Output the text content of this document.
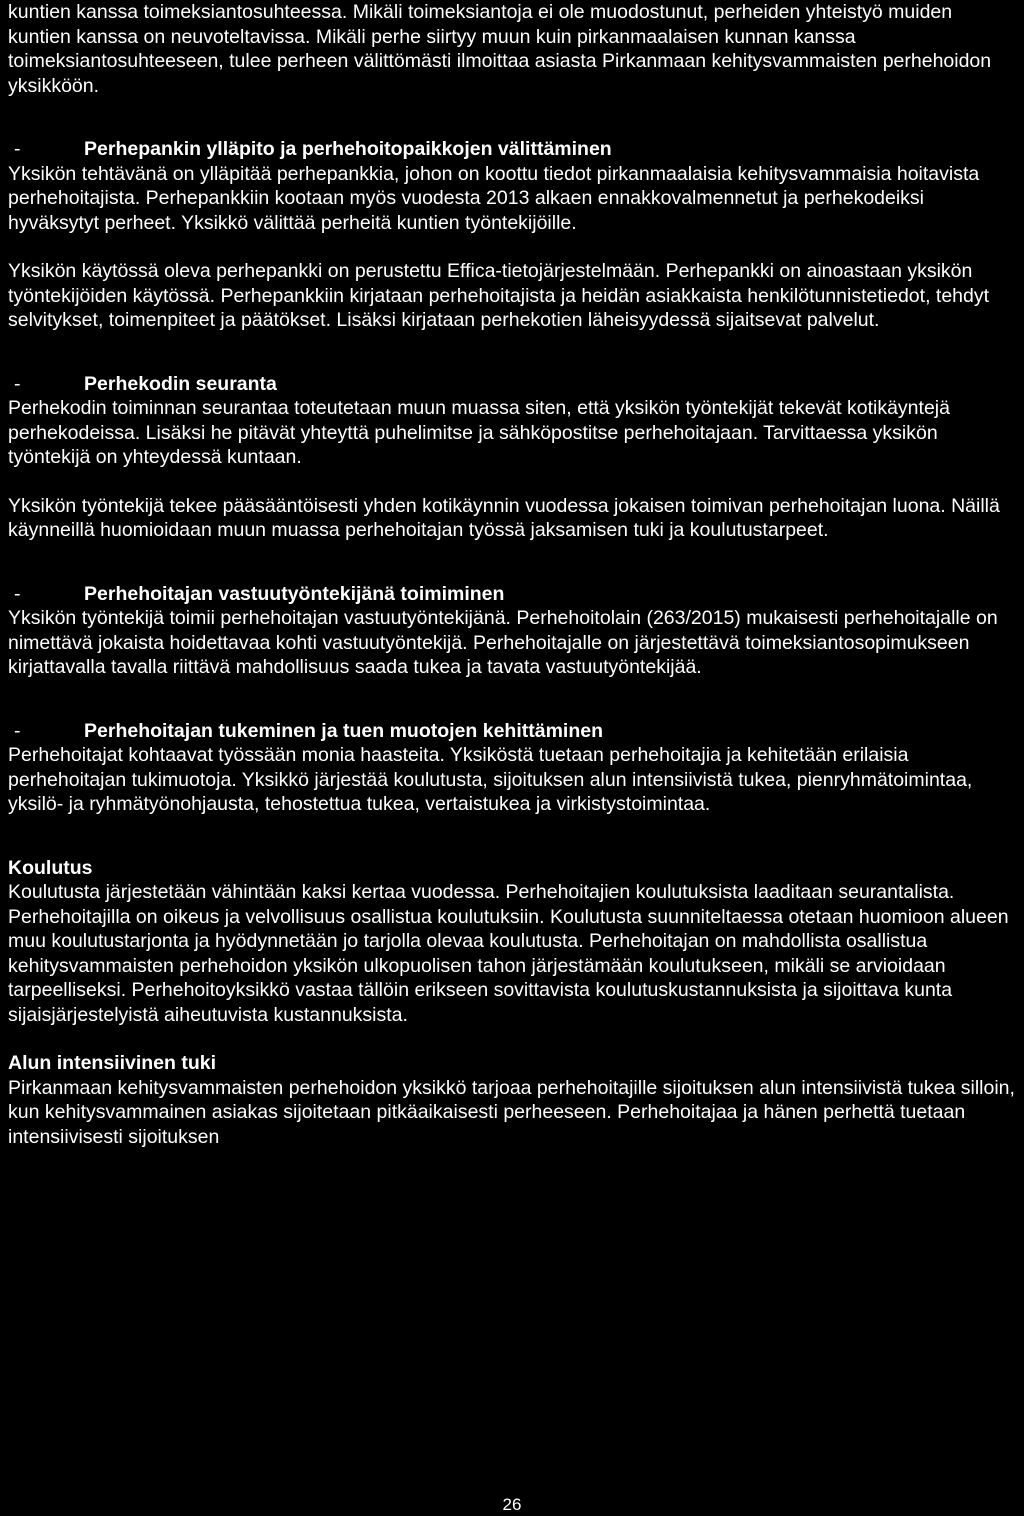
kuntien kanssa toimeksiantosuhteessa. Mikäli toimeksiantoja ei ole muodostunut, perheiden yhteistyö muiden kuntien kanssa on neuvoteltavissa. Mikäli perhe siirtyy muun kuin pirkanmaalaisen kunnan kanssa toimeksiantosuhteeseen, tulee perheen välittömästi ilmoittaa asiasta Pirkanmaan kehitysvammaisten perhehoidon yksikköön.

-	Perhepankin ylläpito ja perhehoitopaikkojen välittäminen

Yksikön tehtävänä on ylläpitää perhepankkia, johon on koottu tiedot pirkanmaalaisia kehitysvammaisia hoitavista perhehoitajista. Perhepankkiin kootaan myös vuodesta 2013 alkaen ennakkovalmennetut ja perhekodeiksi hyväksytyt perheet. Yksikkö välittää perheitä kuntien työntekijöille.

Yksikön käytössä oleva perhepankki on perustettu Effica-tietojärjestelmään. Perhepankki on ainoastaan yksikön työntekijöiden käytössä. Perhepankkiin kirjataan perhehoitajista ja heidän asiakkaista henkilötunnistetiedot, tehdyt selvitykset, toimenpiteet ja päätökset. Lisäksi kirjataan perhekotien läheisyydessä sijaitsevat palvelut.

-	Perhekodin seuranta

Perhekodin toiminnan seurantaa toteutetaan muun muassa siten, että yksikön työntekijät tekevät kotikäyntejä perhekodeissa. Lisäksi he pitävät yhteyttä puhelimitse ja sähköpostitse perhehoitajaan. Tarvittaessa yksikön työntekijä on yhteydessä kuntaan.

Yksikön työntekijä tekee pääsääntöisesti yhden kotikäynnin vuodessa jokaisen toimivan perhehoitajan luona. Näillä käynneillä huomioidaan muun muassa perhehoitajan työssä jaksamisen tuki ja koulutustarpeet.

-	Perhehoitajan vastuutyöntekijänä toimiminen

Yksikön työntekijä toimii perhehoitajan vastuutyöntekijänä. Perhehoitolain (263/2015) mukaisesti perhehoitajalle on nimettävä jokaista hoidettavaa kohti vastuutyöntekijä. Perhehoitajalle on järjestettävä toimeksiantosopimukseen kirjattavalla tavalla riittävä mahdollisuus saada tukea ja tavata vastuutyöntekijää.

-	Perhehoitajan tukeminen ja tuen muotojen kehittäminen

Perhehoitajat kohtaavat työssään monia haasteita. Yksiköstä tuetaan perhehoitajia ja kehitetään erilaisia perhehoitajan tukimuotoja. Yksikkö järjestää koulutusta, sijoituksen alun intensiivistä tukea, pienryhmätoimintaa, yksilö- ja ryhmätyönohjausta, tehostettua tukea, vertaistukea ja virkistystoimintaa.

Koulutus

Koulutusta järjestetään vähintään kaksi kertaa vuodessa. Perhehoitajien koulutuksista laaditaan seurantalista. Perhehoitajilla on oikeus ja velvollisuus osallistua koulutuksiin. Koulutusta suunniteltaessa otetaan huomioon alueen muu koulutustarjonta ja hyödynnetään jo tarjolla olevaa koulutusta. Perhehoitajan on mahdollista osallistua kehitysvammaisten perhehoidon yksikön ulkopuolisen tahon järjestämään koulutukseen, mikäli se arvioidaan tarpeelliseksi. Perhehoitoyksikkö vastaa tällöin erikseen sovittavista koulutuskustannuksista ja sijoittava kunta sijaisjärjestelyistä aiheutuvista kustannuksista.

Alun intensiivinen tuki

Pirkanmaan kehitysvammaisten perhehoidon yksikkö tarjoaa perhehoitajille sijoituksen alun intensiivistä tukea silloin, kun kehitysvammainen asiakas sijoitetaan pitkäaikaisesti perheeseen. Perhehoitajaa ja hänen perhettä tuetaan intensiivisesti sijoituksen

26
